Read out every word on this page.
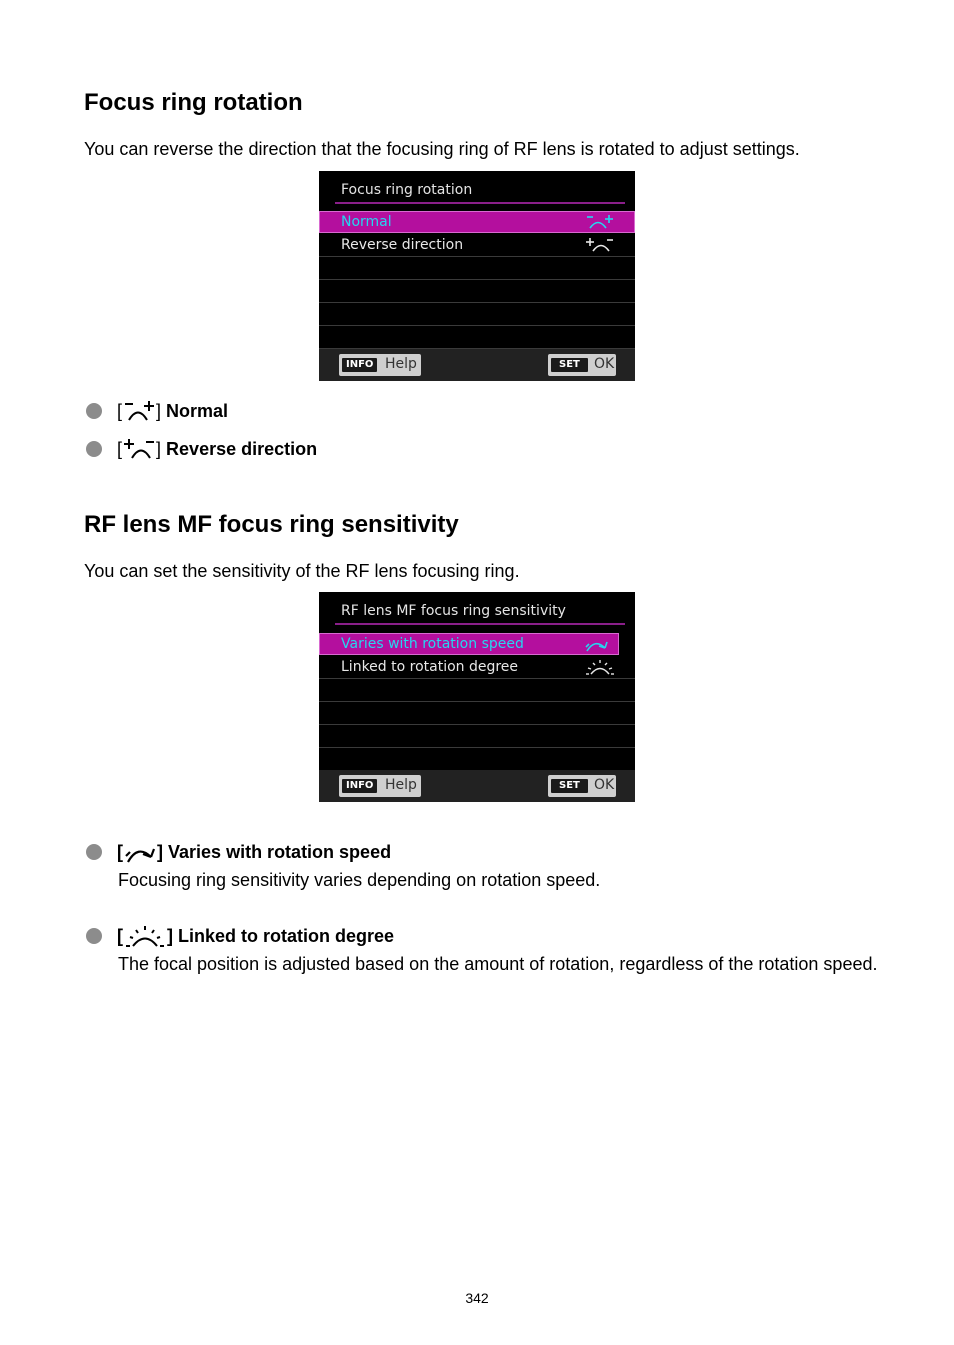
Focus ring rotation

You can reverse the direction that the focusing ring of RF lens is rotated to adjust settings.

Focus ring rotation
Normal
Reverse direction
INFO Help	SET	OK
[ ] Normal
[ ] Reverse direction
RF lens MF focus ring sensitivity

You can set the sensitivity of the RF lens focusing ring.

RF lens MF focus ring sensitivity
Varies with rotation speed
Linked to rotation degree
INFO Help	SET	OK
[ ] Varies with rotation speed
Focusing ring sensitivity varies depending on rotation speed.
[ ] Linked to rotation degree
The focal position is adjusted based on the amount of rotation, regardless of the rotation speed.
342
